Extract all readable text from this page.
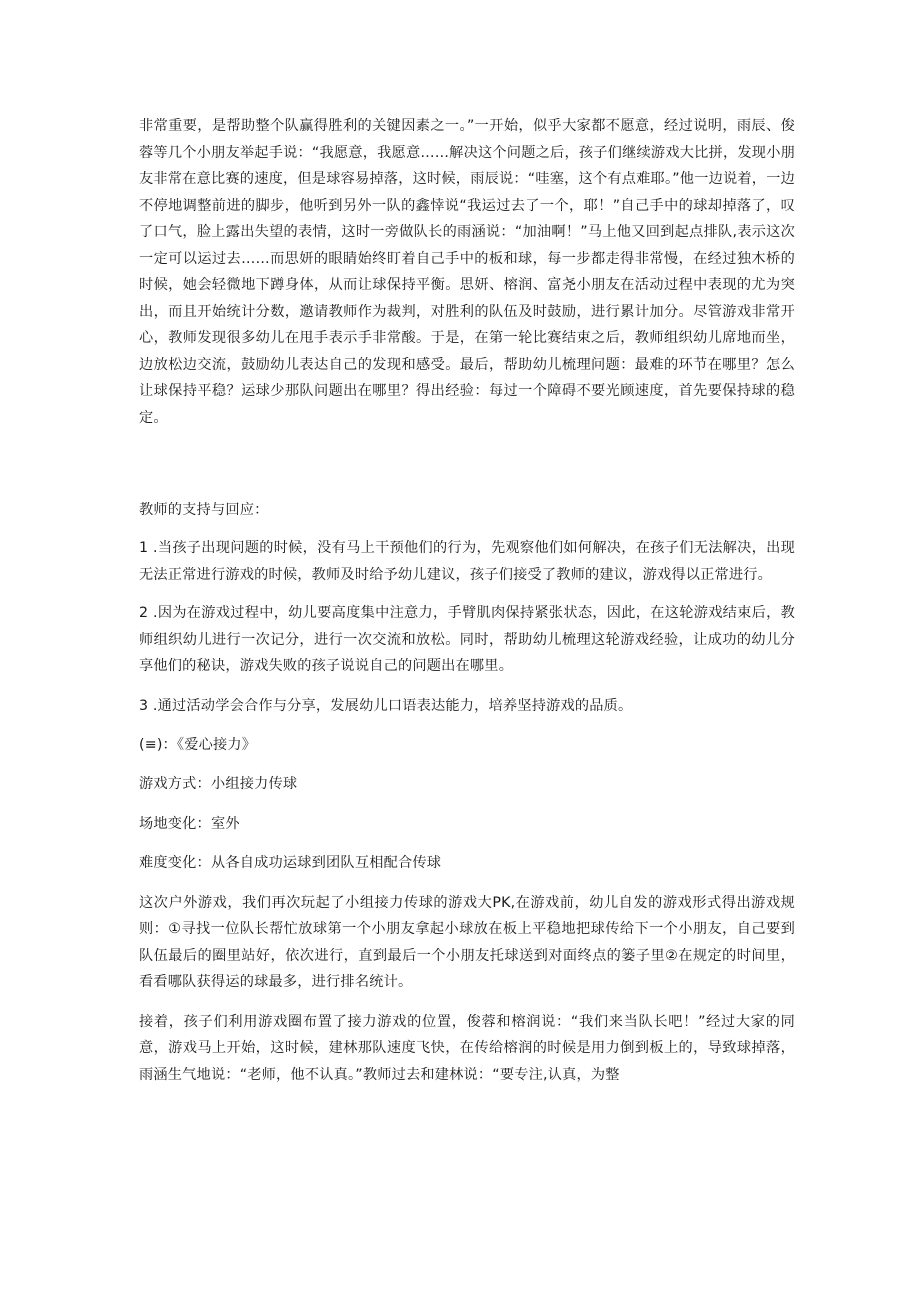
非常重要，是帮助整个队赢得胜利的关键因素之一。”一开始，似乎大家都不愿意，经过说明，雨辰、俊蓉等几个小朋友举起手说：“我愿意，我愿意……解决这个问题之后，孩子们继续游戏大比拼，发现小朋友非常在意比赛的速度，但是球容易掉落，这时候，雨辰说：“哇塞，这个有点难耶。”他一边说着，一边不停地调整前进的脚步，他听到另外一队的鑫悻说“我运过去了一个，耶！”自己手中的球却掉落了，叹了口气，脸上露出失望的表情，这时一旁做队长的雨涵说：“加油啊！”马上他又回到起点排队,表示这次一定可以运过去……而思妍的眼睛始终盯着自己手中的板和球，每一步都走得非常慢，在经过独木桥的时候，她会轻微地下蹲身体，从而让球保持平衡。思妍、榕润、富尧小朋友在活动过程中表现的尤为突出，而且开始统计分数，邀请教师作为裁判，对胜利的队伍及时鼓励，进行累计加分。尽管游戏非常开心，教师发现很多幼儿在甩手表示手非常酸。于是，在第一轮比赛结束之后，教师组织幼儿席地而坐，边放松边交流，鼓励幼儿表达自己的发现和感受。最后，帮助幼儿梳理问题：最难的环节在哪里？怎么让球保持平稳？运球少那队问题出在哪里？得出经验：每过一个障碍不要光顾速度，首先要保持球的稳定。

教师的支持与回应：

1 .当孩子出现问题的时候，没有马上干预他们的行为，先观察他们如何解决，在孩子们无法解决，出现无法正常进行游戏的时候，教师及时给予幼儿建议，孩子们接受了教师的建议，游戏得以正常进行。

2 .因为在游戏过程中，幼儿要高度集中注意力，手臂肌肉保持紧张状态，因此，在这轮游戏结束后，教师组织幼儿进行一次记分，进行一次交流和放松。同时，帮助幼儿梳理这轮游戏经验，让成功的幼儿分享他们的秘诀，游戏失败的孩子说说自己的问题出在哪里。

3 .通过活动学会合作与分享，发展幼儿口语表达能力，培养坚持游戏的品质。

(≡)：《爱心接力》

游戏方式：小组接力传球

场地变化：室外

难度变化：从各自成功运球到团队互相配合传球

这次户外游戏，我们再次玩起了小组接力传球的游戏大PK,在游戏前，幼儿自发的游戏形式得出游戏规则：①寻找一位队长帮忙放球第一个小朋友拿起小球放在板上平稳地把球传给下一个小朋友，自己要到队伍最后的圈里站好，依次进行，直到最后一个小朋友托球送到对面终点的篓子里②在规定的时间里，看看哪队获得运的球最多，进行排名统计。

接着，孩子们利用游戏圈布置了接力游戏的位置，俊蓉和榕润说：“我们来当队长吧！”经过大家的同意，游戏马上开始，这时候，建林那队速度飞快，在传给榕润的时候是用力倒到板上的，导致球掉落，雨涵生气地说：“老师，他不认真。”教师过去和建林说：“要专注,认真，为整
